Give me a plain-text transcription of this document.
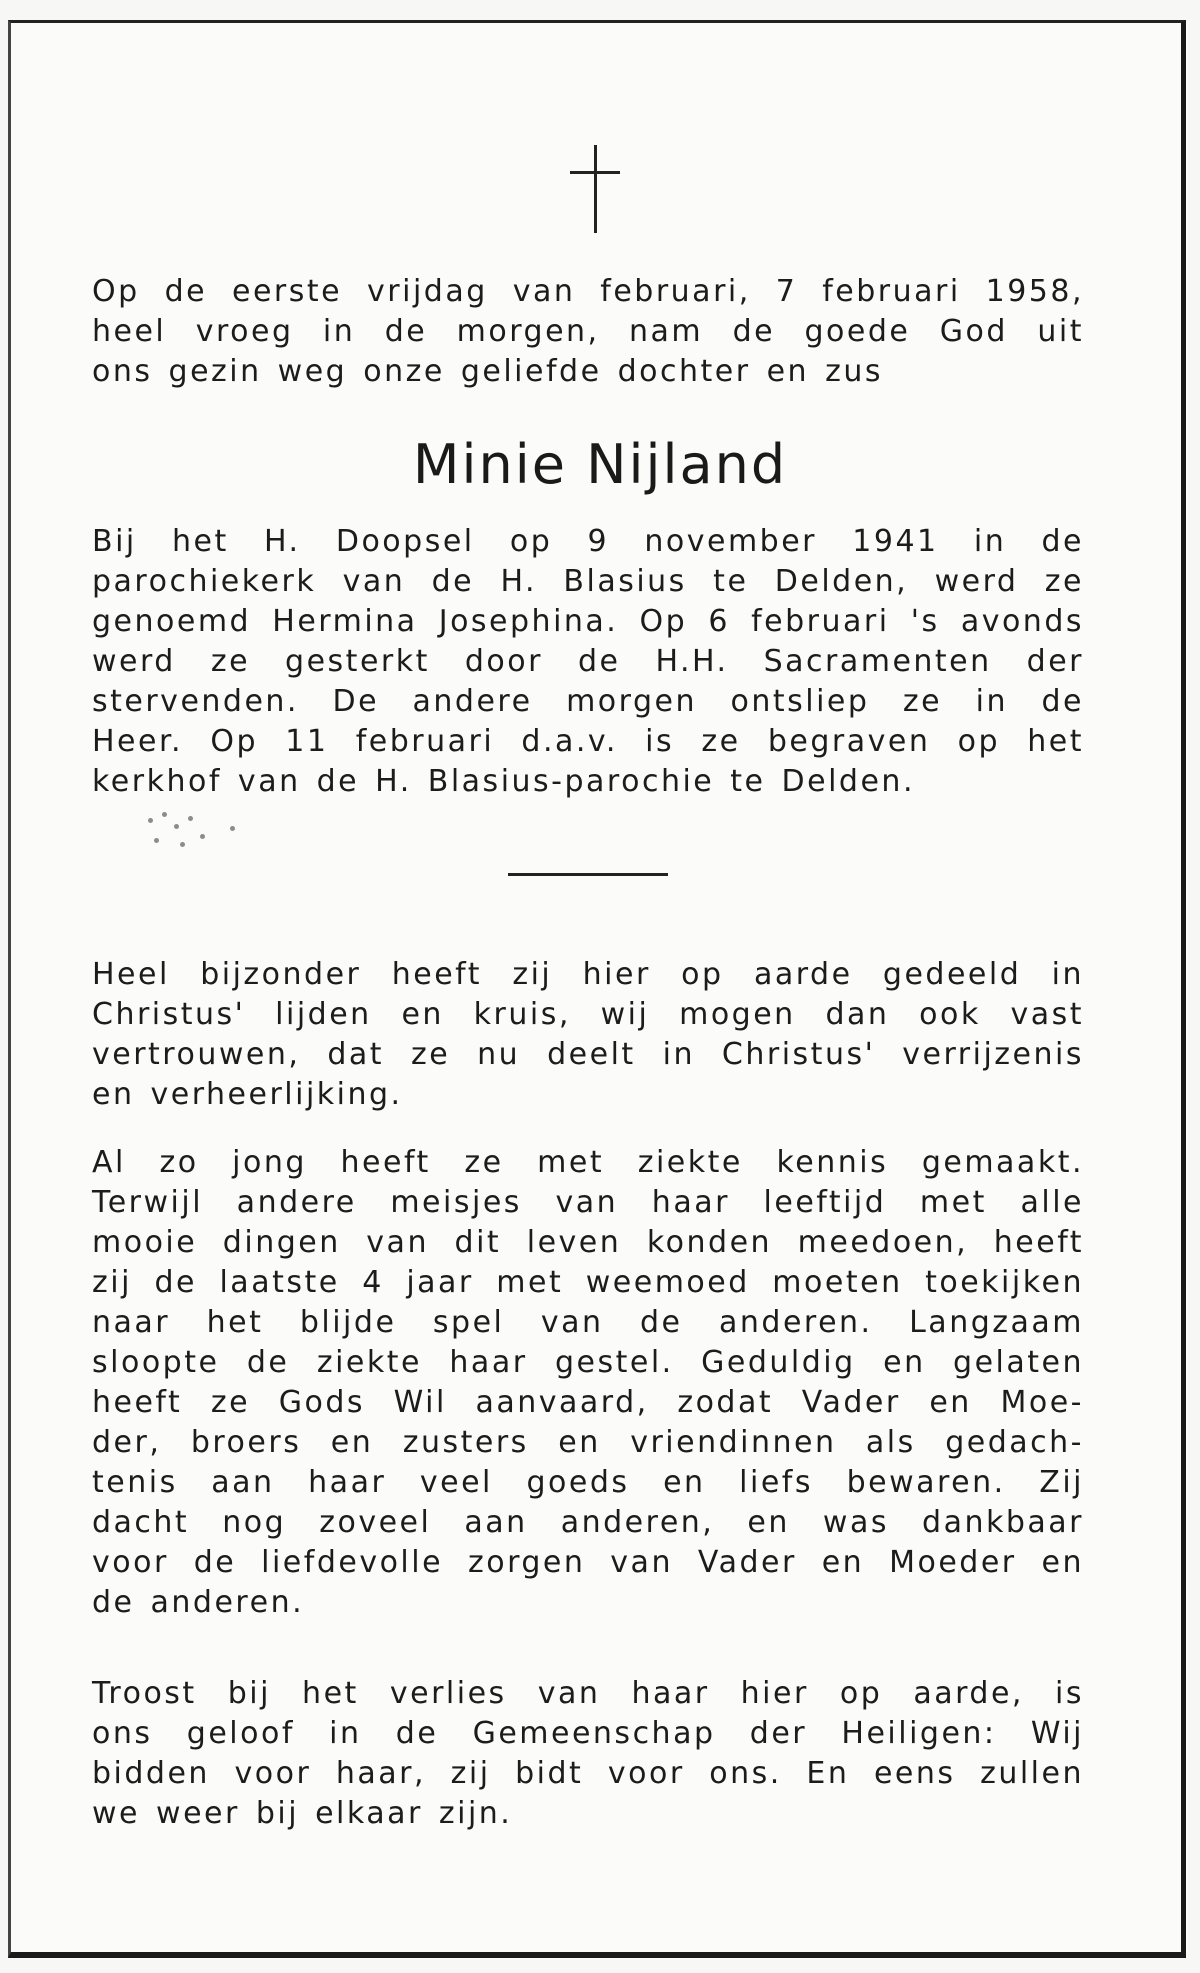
Op de eerste vrijdag van februari, 7 februari 1958,
heel vroeg in de morgen, nam de goede God uit
ons gezin weg onze geliefde dochter en zus
Minie Nijland
Bij het H. Doopsel op 9 november 1941 in de
parochiekerk van de H. Blasius te Delden, werd ze
genoemd Hermina Josephina. Op 6 februari 's avonds
werd ze gesterkt door de H.H. Sacramenten der
stervenden. De andere morgen ontsliep ze in de
Heer. Op 11 februari d.a.v. is ze begraven op het
kerkhof van de H. Blasius-parochie te Delden.
Heel bijzonder heeft zij hier op aarde gedeeld in
Christus' lijden en kruis, wij mogen dan ook vast
vertrouwen, dat ze nu deelt in Christus' verrijzenis
en verheerlijking.
Al zo jong heeft ze met ziekte kennis gemaakt.
Terwijl andere meisjes van haar leeftijd met alle
mooie dingen van dit leven konden meedoen, heeft
zij de laatste 4 jaar met weemoed moeten toekijken
naar het blijde spel van de anderen. Langzaam
sloopte de ziekte haar gestel. Geduldig en gelaten
heeft ze Gods Wil aanvaard, zodat Vader en Moe-
der, broers en zusters en vriendinnen als gedach-
tenis aan haar veel goeds en liefs bewaren. Zij
dacht nog zoveel aan anderen, en was dankbaar
voor de liefdevolle zorgen van Vader en Moeder en
de anderen.
Troost bij het verlies van haar hier op aarde, is
ons geloof in de Gemeenschap der Heiligen: Wij
bidden voor haar, zij bidt voor ons. En eens zullen
we weer bij elkaar zijn.
